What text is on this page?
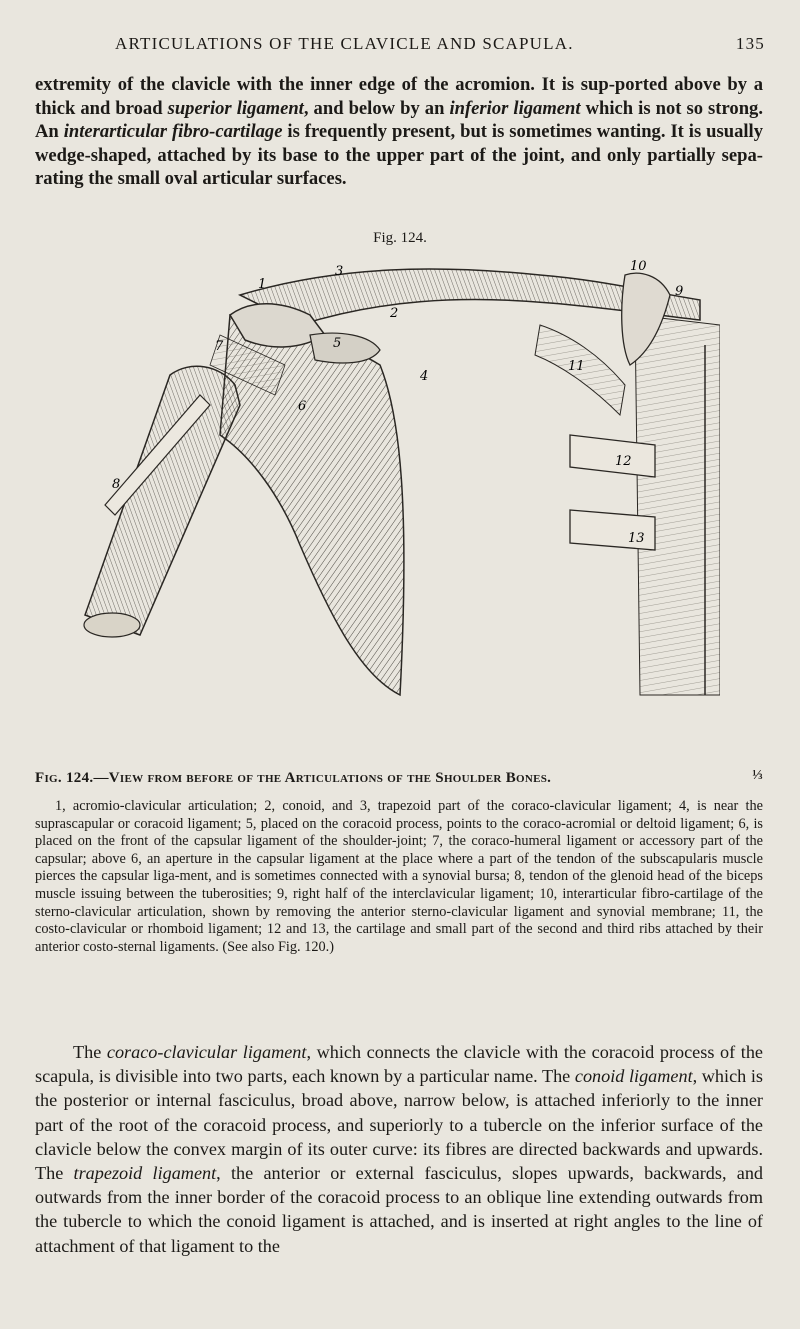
ARTICULATIONS OF THE CLAVICLE AND SCAPULA.	135
extremity of the clavicle with the inner edge of the acromion. It is sup-ported above by a thick and broad superior ligament, and below by an inferior ligament which is not so strong. An interarticular fibro-cartilage is frequently present, but is sometimes wanting. It is usually wedge-shaped, attached by its base to the upper part of the joint, and only partially sepa-rating the small oval articular surfaces.
Fig. 124.
1
2
3
4
5
6
7
8
9
10
11
12
13
Fig. 124.—View from before of the Articulations of the Shoulder Bones.	⅓
1, acromio-clavicular articulation; 2, conoid, and 3, trapezoid part of the coraco-clavicular ligament; 4, is near the suprascapular or coracoid ligament; 5, placed on the coracoid process, points to the coraco-acromial or deltoid ligament; 6, is placed on the front of the capsular ligament of the shoulder-joint; 7, the coraco-humeral ligament or accessory part of the capsular; above 6, an aperture in the capsular ligament at the place where a part of the tendon of the subscapularis muscle pierces the capsular liga-ment, and is sometimes connected with a synovial bursa; 8, tendon of the glenoid head of the biceps muscle issuing between the tuberosities; 9, right half of the interclavicular ligament; 10, interarticular fibro-cartilage of the sterno-clavicular articulation, shown by removing the anterior sterno-clavicular ligament and synovial membrane; 11, the costo-clavicular or rhomboid ligament; 12 and 13, the cartilage and small part of the second and third ribs attached by their anterior costo-sternal ligaments. (See also Fig. 120.)
The coraco-clavicular ligament, which connects the clavicle with the coracoid process of the scapula, is divisible into two parts, each known by a particular name. The conoid ligament, which is the posterior or internal fasciculus, broad above, narrow below, is attached inferiorly to the inner part of the root of the coracoid process, and superiorly to a tubercle on the inferior surface of the clavicle below the convex margin of its outer curve: its fibres are directed backwards and upwards. The trapezoid ligament, the anterior or external fasciculus, slopes upwards, backwards, and outwards from the inner border of the coracoid process to an oblique line extending outwards from the tubercle to which the conoid ligament is attached, and is inserted at right angles to the line of attachment of that ligament to the
